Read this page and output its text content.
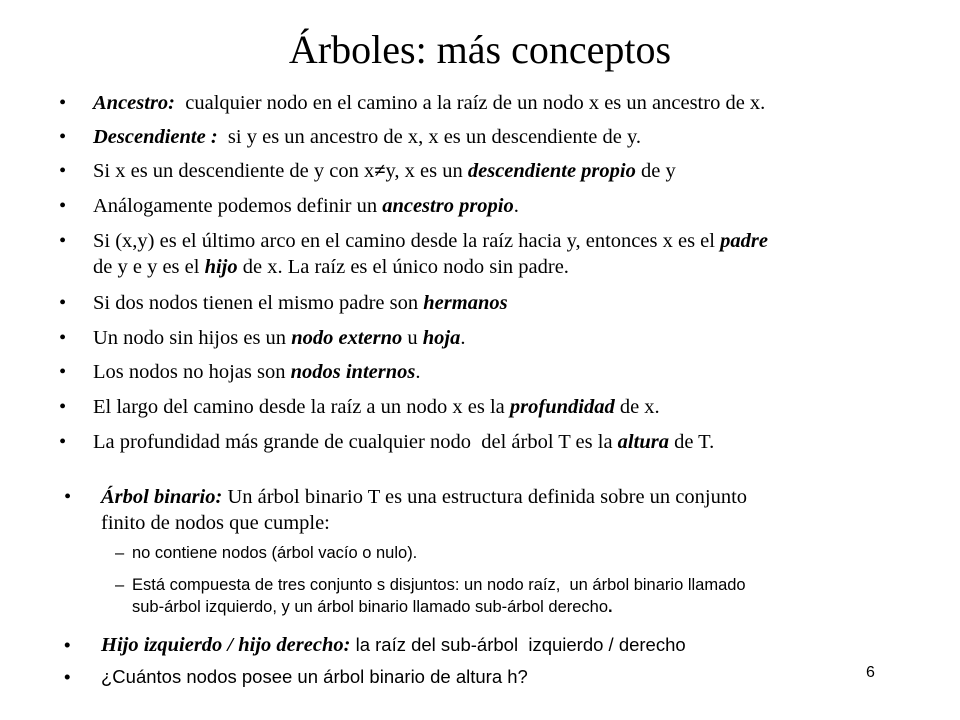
Árboles: más conceptos
• Ancestro:  cualquier nodo en el camino a la raíz de un nodo x es un ancestro de x.
• Descendiente :  si y es un ancestro de x, x es un descendiente de y.
• Si x es un descendiente de y con x≠y, x es un descendiente propio de y
• Análogamente podemos definir un ancestro propio.
• Si (x,y) es el último arco en el camino desde la raíz hacia y, entonces x es el padre
de y e y es el hijo de x. La raíz es el único nodo sin padre.
• Si dos nodos tienen el mismo padre son hermanos
• Un nodo sin hijos es un nodo externo u hoja.
• Los nodos no hojas son nodos internos.
• El largo del camino desde la raíz a un nodo x es la profundidad de x.
• La profundidad más grande de cualquier nodo  del árbol T es la altura de T.
• Árbol binario: Un árbol binario T es una estructura definida sobre un conjunto
finito de nodos que cumple:
– no contiene nodos (árbol vacío o nulo).
– Está compuesta de tres conjunto s disjuntos: un nodo raíz,  un árbol binario llamado
sub-árbol izquierdo, y un árbol binario llamado sub-árbol derecho.
• Hijo izquierdo / hijo derecho: la raíz del sub-árbol  izquierdo / derecho
• ¿Cuántos nodos posee un árbol binario de altura h?	6
